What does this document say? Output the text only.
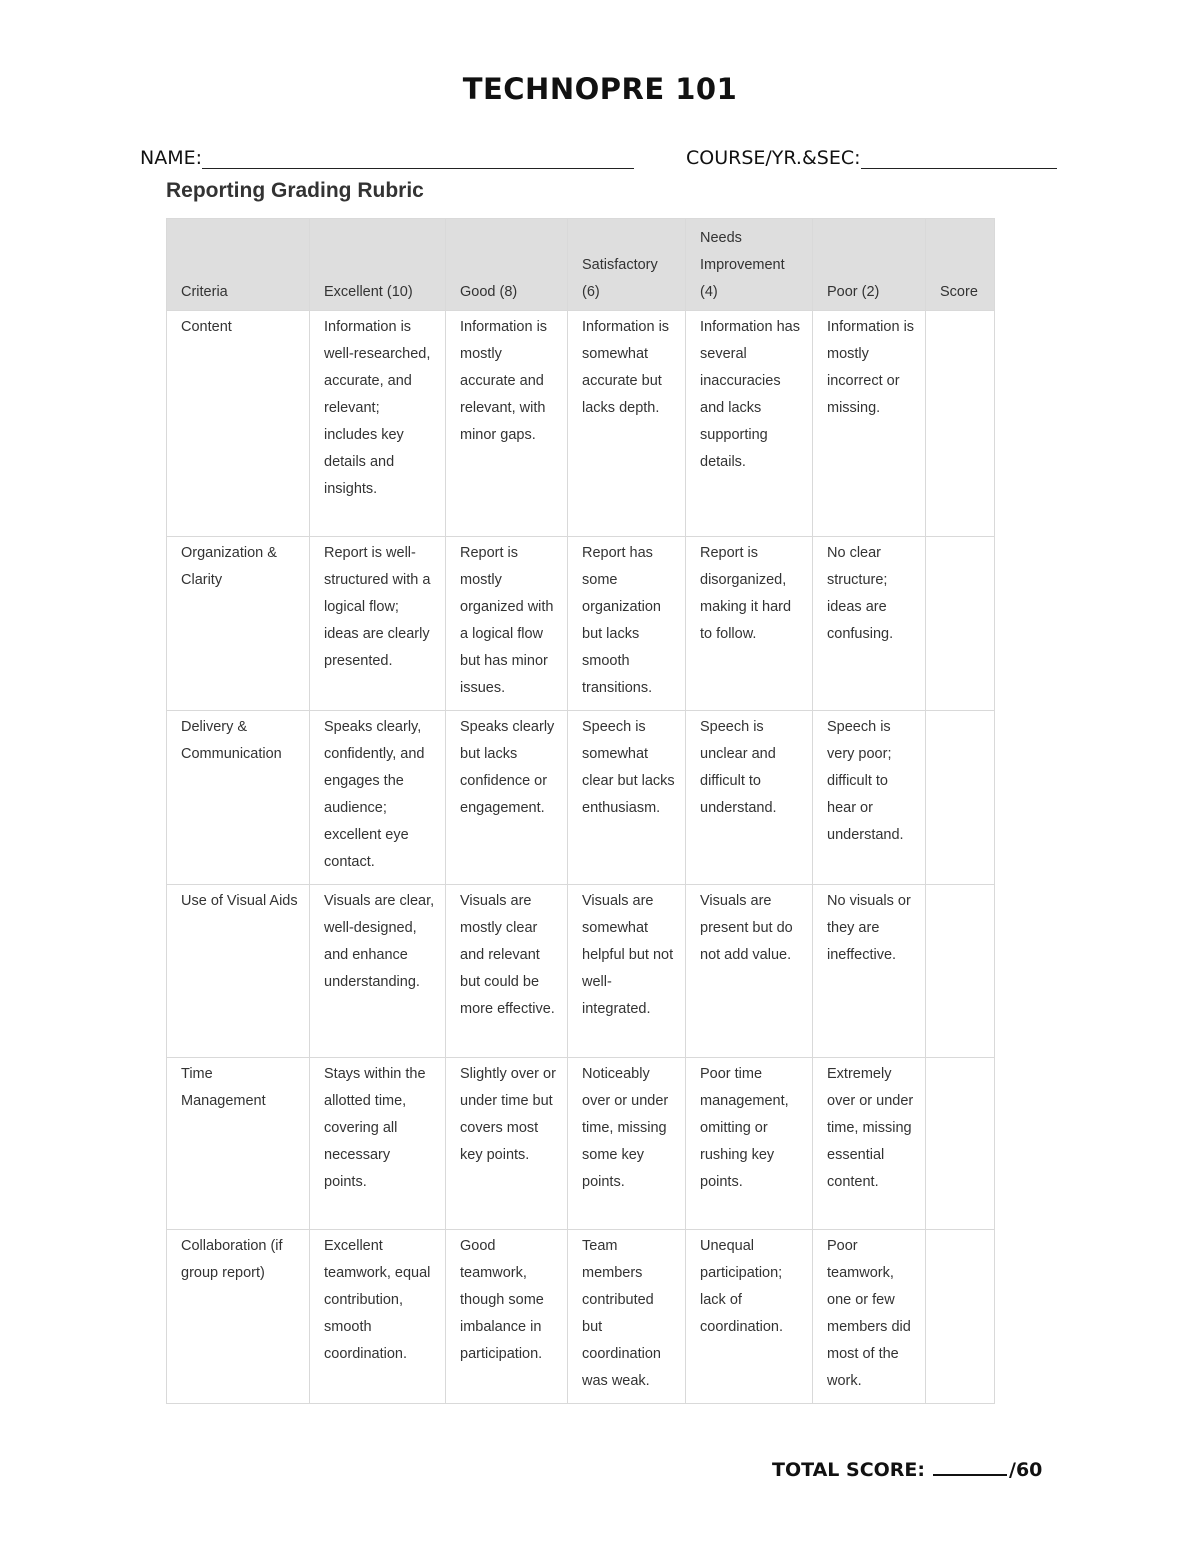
TECHNOPRE 101
NAME:	COURSE/YR.&SEC:
Reporting Grading Rubric
Criteria	Excellent (10)	Good (8)	Satisfactory (6)	Needs Improvement (4)	Poor (2)	Score
Content	Information is well-researched, accurate, and relevant; includes key details and insights.	Information is mostly accurate and relevant, with minor gaps.	Information is somewhat accurate but lacks depth.	Information has several inaccuracies and lacks supporting details.	Information is mostly incorrect or missing.	
Organization & Clarity	Report is well-structured with a logical flow; ideas are clearly presented.	Report is mostly organized with a logical flow but has minor issues.	Report has some organization but lacks smooth transitions.	Report is disorganized, making it hard to follow.	No clear structure; ideas are confusing.	
Delivery & Communication	Speaks clearly, confidently, and engages the audience; excellent eye contact.	Speaks clearly but lacks confidence or engagement.	Speech is somewhat clear but lacks enthusiasm.	Speech is unclear and difficult to understand.	Speech is very poor; difficult to hear or understand.	
Use of Visual Aids	Visuals are clear, well-designed, and enhance understanding.	Visuals are mostly clear and relevant but could be more effective.	Visuals are somewhat helpful but not well-integrated.	Visuals are present but do not add value.	No visuals or they are ineffective.	
Time Management	Stays within the allotted time, covering all necessary points.	Slightly over or under time but covers most key points.	Noticeably over or under time, missing some key points.	Poor time management, omitting or rushing key points.	Extremely over or under time, missing essential content.	
Collaboration (if group report)	Excellent teamwork, equal contribution, smooth coordination.	Good teamwork, though some imbalance in participation.	Team members contributed but coordination was weak.	Unequal participation; lack of coordination.	Poor teamwork, one or few members did most of the work.	
TOTAL SCORE:	/60
